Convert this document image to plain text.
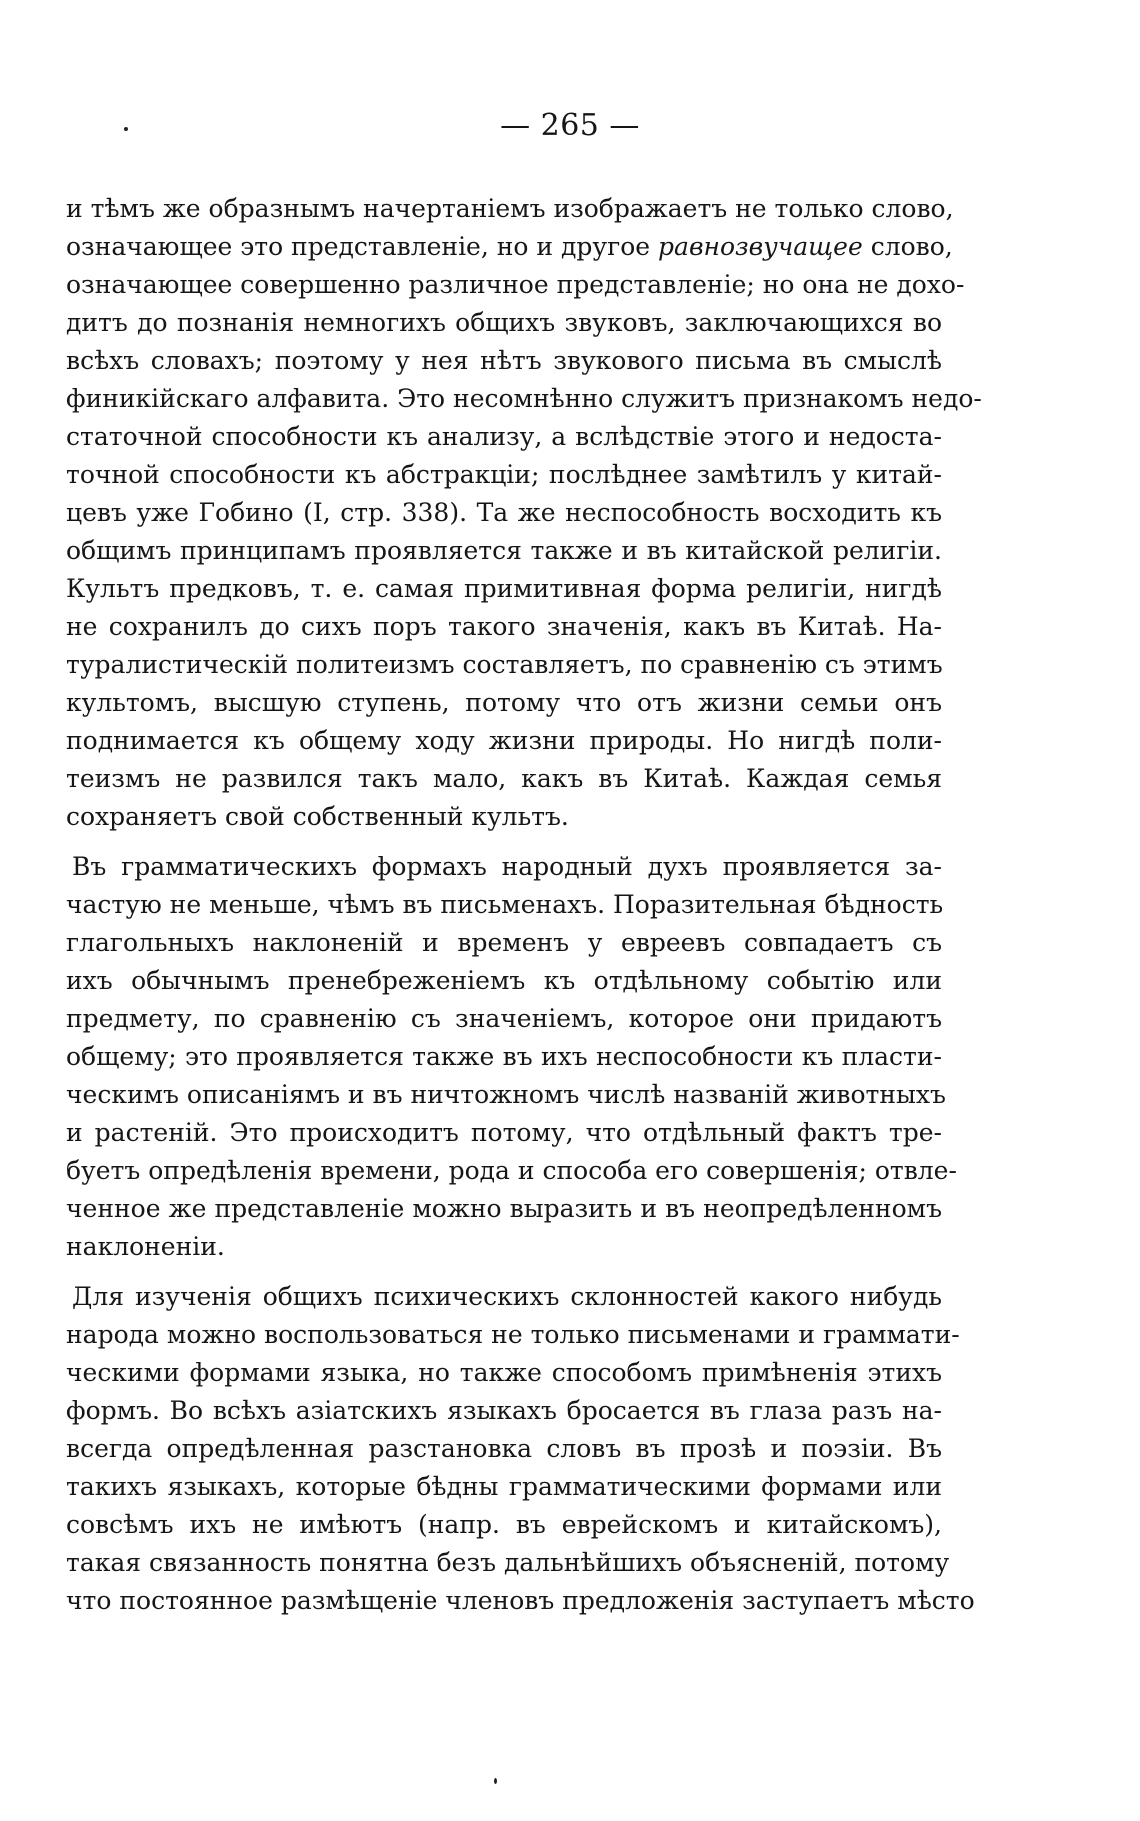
— 265 —
и тѣмъ же образнымъ начертаніемъ изображаетъ не только слово,
означающее это представленіе, но и другое равнозвучащее слово,
означающее совершенно различное представленіе; но она не дохо-
дитъ до познанія немногихъ общихъ звуковъ, заключающихся во
всѣхъ словахъ; поэтому у нея нѣтъ звукового письма въ смыслѣ
финикійскаго алфавита. Это несомнѣнно служитъ признакомъ недо-
статочной способности къ анализу, а вслѣдствіе этого и недоста-
точной способности къ абстракціи; послѣднее замѣтилъ у китай-
цевъ уже Гобино (I, стр. 338). Та же неспособность восходить къ
общимъ принципамъ проявляется также и въ китайской религіи.
Культъ предковъ, т. е. самая примитивная форма религіи, нигдѣ
не сохранилъ до сихъ поръ такого значенія, какъ въ Китаѣ. На-
туралистическій политеизмъ составляетъ, по сравненію съ этимъ
культомъ, высшую ступень, потому что отъ жизни семьи онъ
поднимается къ общему ходу жизни природы. Но нигдѣ поли-
теизмъ не развился такъ мало, какъ въ Китаѣ. Каждая семья
сохраняетъ свой собственный культъ.
Въ грамматическихъ формахъ народный духъ проявляется за-
частую не меньше, чѣмъ въ письменахъ. Поразительная бѣдность
глагольныхъ наклоненій и временъ у евреевъ совпадаетъ съ
ихъ обычнымъ пренебреженіемъ къ отдѣльному событію или
предмету, по сравненію съ значеніемъ, которое они придаютъ
общему; это проявляется также въ ихъ неспособности къ пласти-
ческимъ описаніямъ и въ ничтожномъ числѣ названій животныхъ
и растеній. Это происходитъ потому, что отдѣльный фактъ тре-
буетъ опредѣленія времени, рода и способа его совершенія; отвле-
ченное же представленіе можно выразить и въ неопредѣленномъ
наклоненіи.
Для изученія общихъ психическихъ склонностей какого нибудь
народа можно воспользоваться не только письменами и граммати-
ческими формами языка, но также способомъ примѣненія этихъ
формъ. Во всѣхъ азіатскихъ языкахъ бросается въ глаза разъ на-
всегда опредѣленная разстановка словъ въ прозѣ и поэзіи. Въ
такихъ языкахъ, которые бѣдны грамматическими формами или
совсѣмъ ихъ не имѣютъ (напр. въ еврейскомъ и китайскомъ),
такая связанность понятна безъ дальнѣйшихъ объясненій, потому
что постоянное размѣщеніе членовъ предложенія заступаетъ мѣсто
